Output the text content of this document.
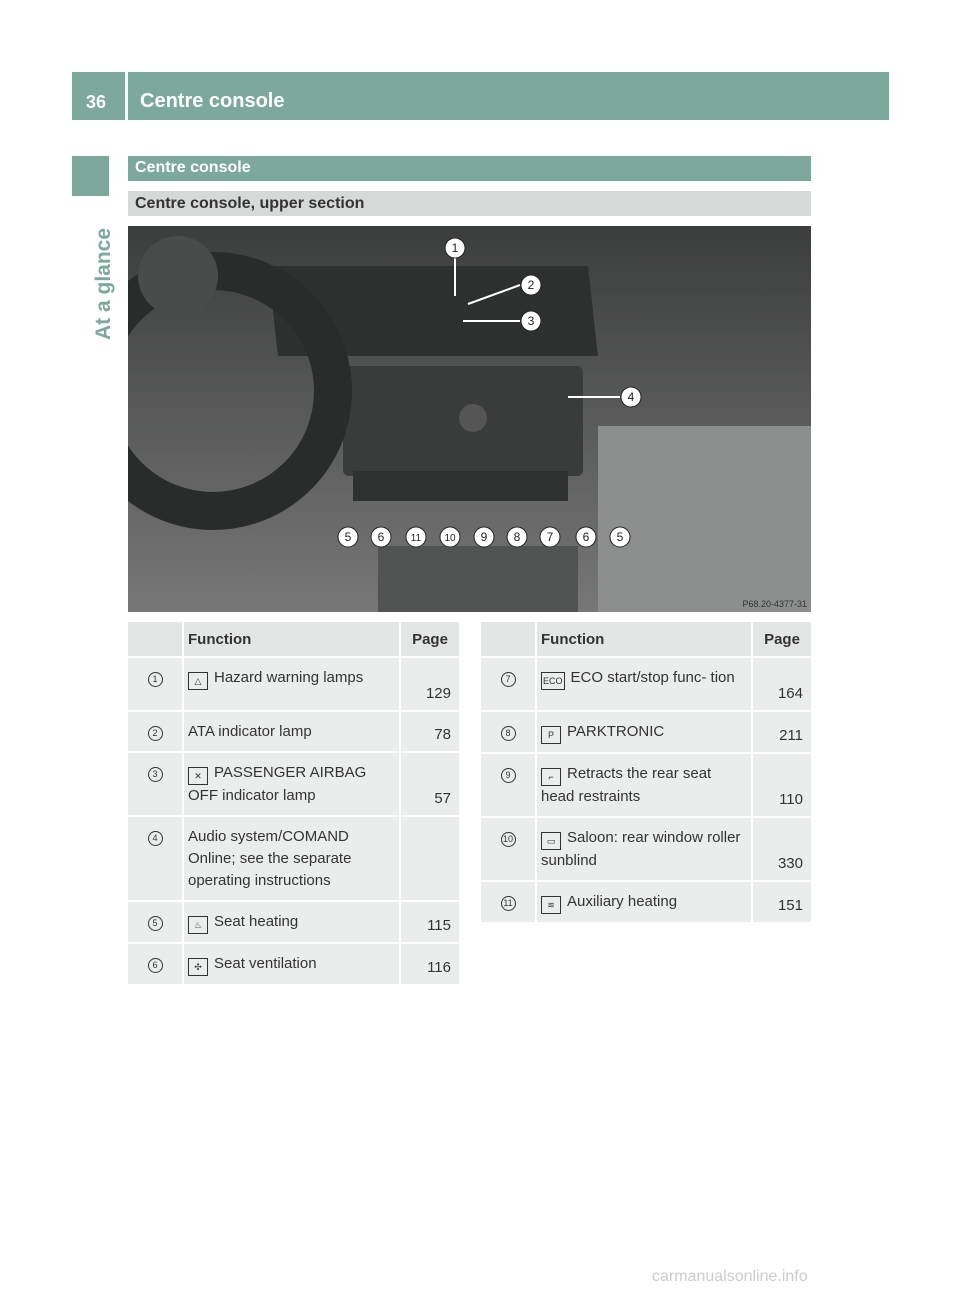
36 Centre console
At a glance
Centre console
Centre console, upper section
1
2
3
4
5 6	11 10 9 8 7 6 5
P68.20-4377-31
	Function	Page
1	△ Hazard warning lamps	129
2	ATA indicator lamp	78
3	✕ PASSENGER AIRBAG OFF indicator lamp	57
4	Audio system/COMAND Online; see the separate operating instructions	
5	♨ Seat heating	115
6	✣ Seat ventilation	116
	Function	Page
7	ECO ECO start/stop func- tion	164
8	P PARKTRONIC	211
9	⌐ Retracts the rear seat head restraints	110
10	▭ Saloon: rear window roller sunblind	330
11	≋ Auxiliary heating	151
carmanualsonline.info
